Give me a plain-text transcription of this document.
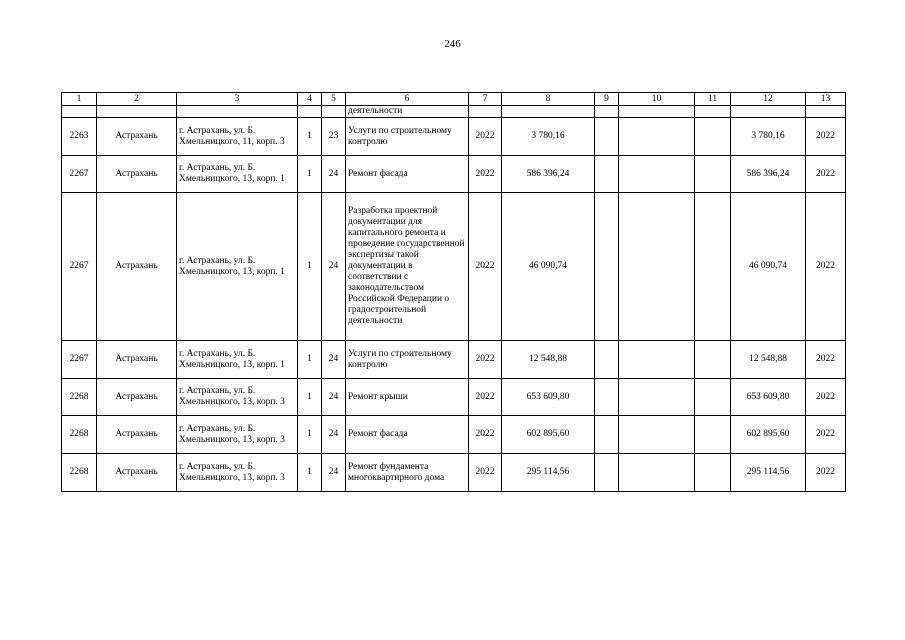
246
1	2	3	4	5	6	7	8	9	10	11	12	13
					деятельности							
2263	Астрахань	г. Астрахань, ул. Б. Хмельницкого, 11, корп. 3	1	23	Услуги по строительному контролю	2022	3 780,16				3 780,16	2022
2267	Астрахань	г. Астрахань, ул. Б. Хмельницкого, 13, корп. 1	1	24	Ремонт фасада	2022	586 396,24				586 396,24	2022
2267	Астрахань	г. Астрахань, ул. Б. Хмельницкого, 13, корп. 1	1	24	Разработка проектной документации для капитального ремонта и проведение государственной экспертизы такой документации в соответствии с законодательством Российской Федерации о градостроительной деятельности	2022	46 090,74				46 090,74	2022
2267	Астрахань	г. Астрахань, ул. Б. Хмельницкого, 13, корп. 1	1	24	Услуги по строительному контролю	2022	12 548,88				12 548,88	2022
2268	Астрахань	г. Астрахань, ул. Б. Хмельницкого, 13, корп. 3	1	24	Ремонт крыши	2022	653 609,80				653 609,80	2022
2268	Астрахань	г. Астрахань, ул. Б. Хмельницкого, 13, корп. 3	1	24	Ремонт фасада	2022	602 895,60				602 895,60	2022
2268	Астрахань	г. Астрахань, ул. Б. Хмельницкого, 13, корп. 3	1	24	Ремонт фундамента многоквартирного дома	2022	295 114,56				295 114,56	2022
